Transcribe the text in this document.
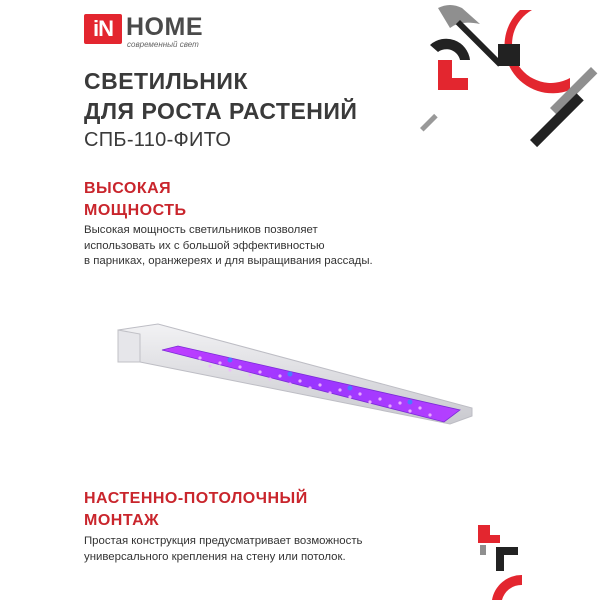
iN HOME
современный свет
СВЕТИЛЬНИК
ДЛЯ РОСТА РАСТЕНИЙ
СПБ-110-ФИТО
ВЫСОКАЯ
МОЩНОСТЬ
Высокая мощность светильников позволяет
использовать их с большой эффективностью
в парниках, оранжереях и для выращивания рассады.
НАСТЕННО-ПОТОЛОЧНЫЙ
МОНТАЖ
Простая конструкция предусматривает возможность
универсального крепления на стену или потолок.
